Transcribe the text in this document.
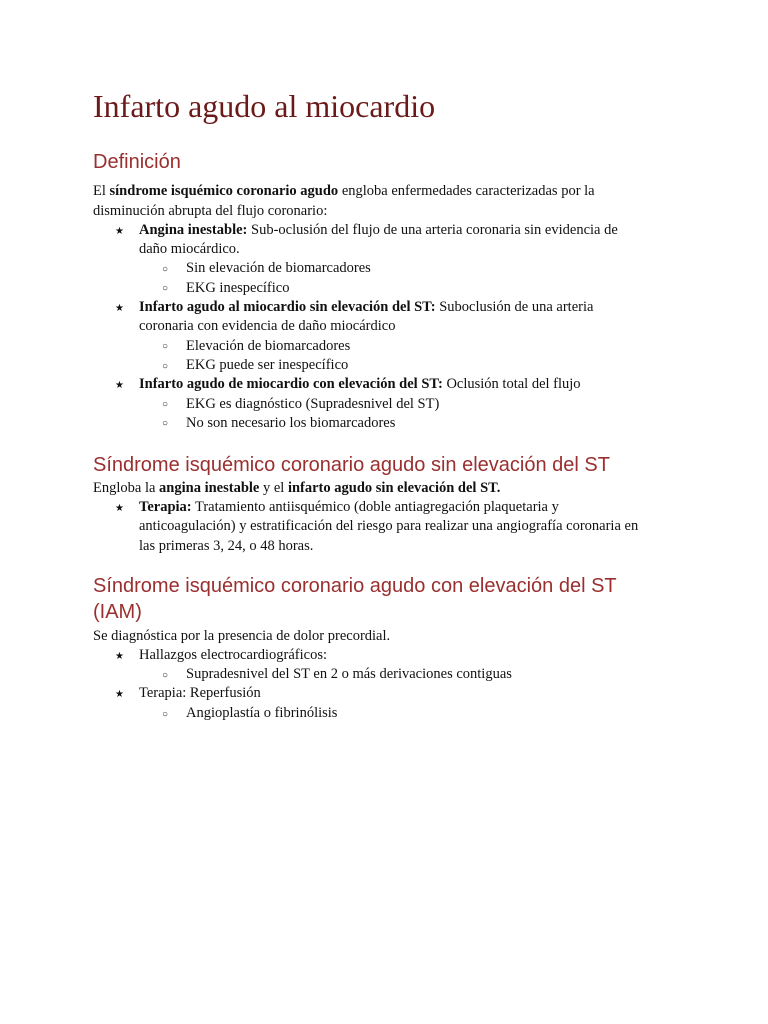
Infarto agudo al miocardio
Definición

El síndrome isquémico coronario agudo engloba enfermedades caracterizadas por la

disminución abrupta del flujo coronario:

★ Angina inestable: Sub-oclusión del flujo de una arteria coronaria sin evidencia de

daño miocárdico.

○ Sin elevación de biomarcadores

○ EKG inespecífico

★ Infarto agudo al miocardio sin elevación del ST: Suboclusión de una arteria

coronaria con evidencia de daño miocárdico

○ Elevación de biomarcadores

○ EKG puede ser inespecífico

★ Infarto agudo de miocardio con elevación del ST: Oclusión total del flujo

○ EKG es diagnóstico (Supradesnivel del ST)

○ No son necesario los biomarcadores

Síndrome isquémico coronario agudo sin elevación del ST

Engloba la angina inestable y el infarto agudo sin elevación del ST.

★ Terapia: Tratamiento antiisquémico (doble antiagregación plaquetaria y

anticoagulación) y estratificación del riesgo para realizar una angiografía coronaria en

las primeras 3, 24, o 48 horas.

Síndrome isquémico coronario agudo con elevación del ST
(IAM)

Se diagnóstica por la presencia de dolor precordial.

★ Hallazgos electrocardiográficos:

○ Supradesnivel del ST en 2 o más derivaciones contiguas

★ Terapia: Reperfusión

○ Angioplastía o fibrinólisis
